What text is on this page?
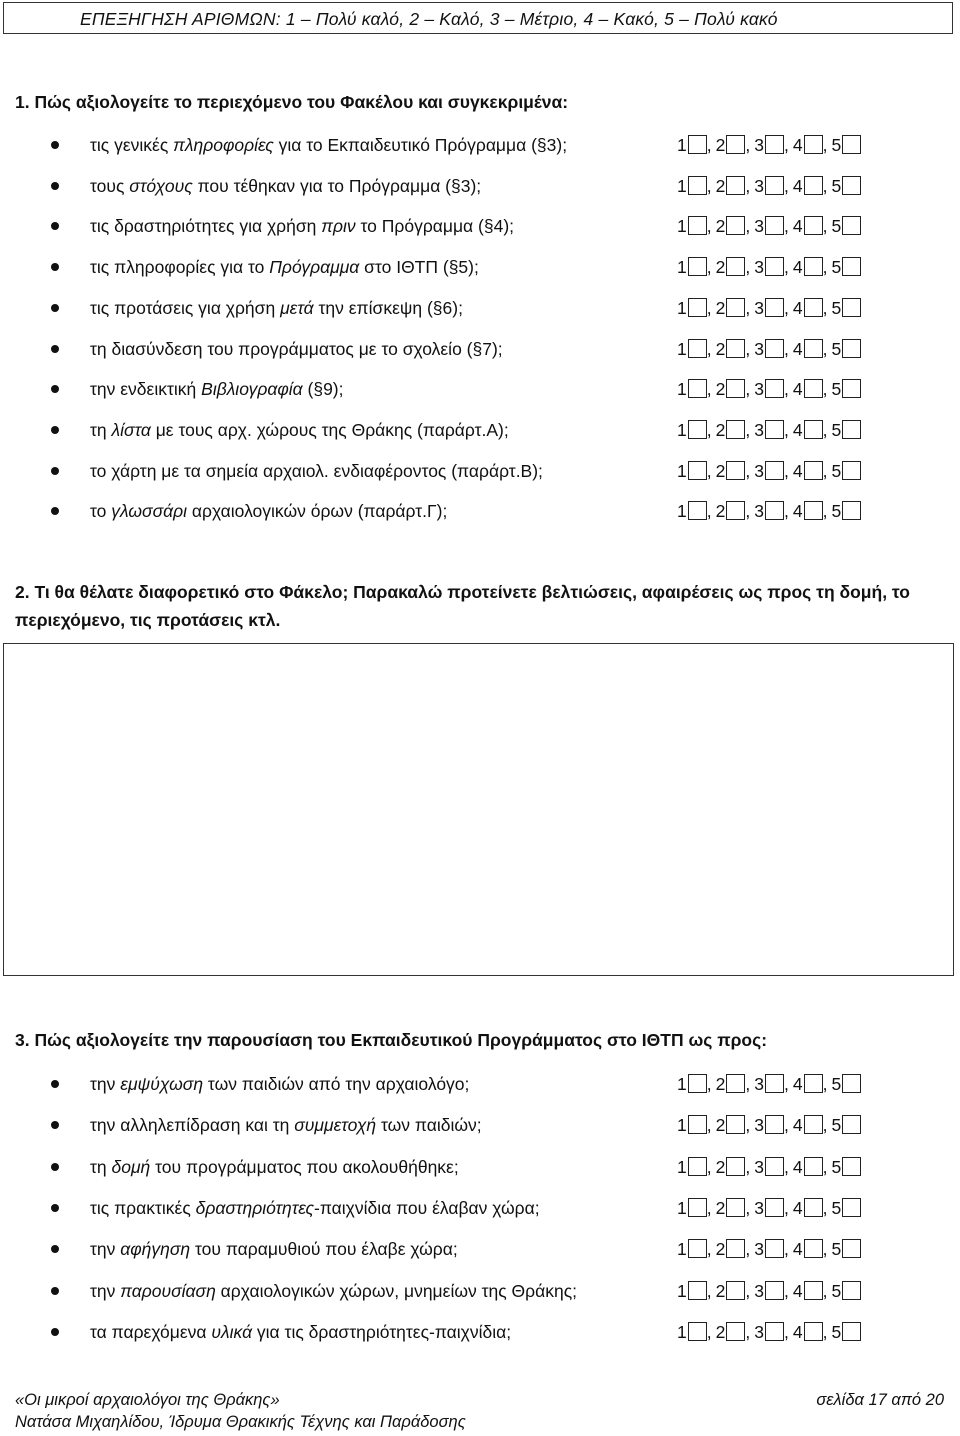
ΕΠΕΞΗΓΗΣΗ ΑΡΙΘΜΩΝ: 1 – Πολύ καλό, 2 – Καλό, 3 – Μέτριο, 4 – Κακό, 5 – Πολύ κακό
1. Πώς αξιολογείτε το περιεχόμενο του Φακέλου και συγκεκριμένα:
τις γενικές πληροφορίες για το Εκπαιδευτικό Πρόγραμμα (§3);	1 , 2 , 3 , 4 , 5
τους στόχους που τέθηκαν για το Πρόγραμμα (§3);	1 , 2 , 3 , 4 , 5
τις δραστηριότητες για χρήση πριν το Πρόγραμμα (§4);	1 , 2 , 3 , 4 , 5
τις πληροφορίες για το Πρόγραμμα στο ΙΘΤΠ (§5);	1 , 2 , 3 , 4 , 5
τις προτάσεις για χρήση μετά την επίσκεψη (§6);	1 , 2 , 3 , 4 , 5
τη διασύνδεση του προγράμματος με το σχολείο (§7);	1 , 2 , 3 , 4 , 5
την ενδεικτική Βιβλιογραφία (§9);	1 , 2 , 3 , 4 , 5
τη λίστα με τους αρχ. χώρους της Θράκης (παράρτ.Α);	1 , 2 , 3 , 4 , 5
το χάρτη με τα σημεία αρχαιολ. ενδιαφέροντος (παράρτ.Β);	1 , 2 , 3 , 4 , 5
το γλωσσάρι αρχαιολογικών όρων (παράρτ.Γ);	1 , 2 , 3 , 4 , 5
2. Τι θα θέλατε διαφορετικό στο Φάκελο; Παρακαλώ προτείνετε βελτιώσεις, αφαιρέσεις ως προς τη δομή, το περιεχόμενο, τις προτάσεις κτλ.
3. Πώς αξιολογείτε την παρουσίαση του Εκπαιδευτικού Προγράμματος στο ΙΘΤΠ ως προς:
την εμψύχωση των παιδιών από την αρχαιολόγο;	1 , 2 , 3 , 4 , 5
την αλληλεπίδραση και τη συμμετοχή των παιδιών;	1 , 2 , 3 , 4 , 5
τη δομή του προγράμματος που ακολουθήθηκε;	1 , 2 , 3 , 4 , 5
τις πρακτικές δραστηριότητες-παιχνίδια που έλαβαν χώρα;	1 , 2 , 3 , 4 , 5
την αφήγηση του παραμυθιού που έλαβε χώρα;	1 , 2 , 3 , 4 , 5
την παρουσίαση αρχαιολογικών χώρων, μνημείων της Θράκης;	1 , 2 , 3 , 4 , 5
τα παρεχόμενα υλικά για τις δραστηριότητες-παιχνίδια;	1 , 2 , 3 , 4 , 5
«Οι μικροί αρχαιολόγοι της Θράκης»
Νατάσα Μιχαηλίδου, Ίδρυμα Θρακικής Τέχνης και Παράδοσης
σελίδα 17 από 20
